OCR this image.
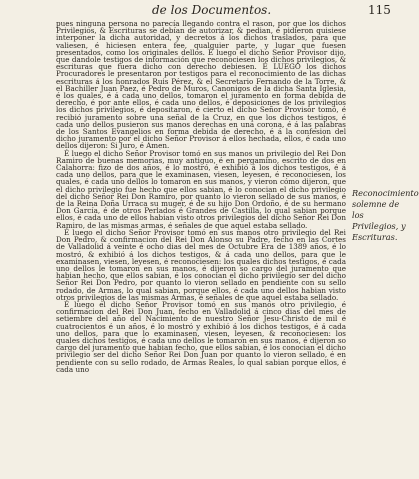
de los Documentos.	115

pues ninguna persona no parecía llegando contra el rason, por que los dichos Privilegios, & Escrituras se debían de autorizar, & pedian, é pidieron quisiese interponer la dicha autoridad, y decretos á los dichos traslados, para que valiesen, é hiciesen entera fee, qualquier parte, y lugar que fuesen presentados, como los originales dellos. É luego el dicho Señor Provisor dijo, que dandole testigos de información que reconociesen los dichos privilegios, & escrituras que fuera dicho con derecho debiesen. É LUEGO los dichos Procuradores le presentaron por testigos para el reconocimiento de las dichas escrituras á los honrados Ruis Pérez, & el Secretario Fernando de la Torre, & el Bachiller Juan Paez, é Pedro de Muros, Canonigos de la dicha Santa Iglesia, é los quales, é á cada uno dellos, tomaron el juramento en forma debida de derecho, é por ante ellos, é cada uno dellos, é deposiciones de los privilegios los dichos privilegios, é depositaron, é cierto el dicho Señor Provisor tomó, é recibió juramento sobre una señal de la Cruz, en que los dichos testigos, é cada uno dellos pusieron sus manos derechas en una corona, é á las palabras de los Santos Evangelios en forma debida de derecho, é á la confesion del dicho juramento por el dicho Señor Provisor á ellos hechada, ellos, é cada uno dellos dijeron: Si Juro, é Amen.

É luego el dicho Señor Provisor tomó en sus manos un privilegio del Rei Don Ramiro de buenas memorias, muy antiguo, é en pergamino, escrito de dos en Calahorra: fizo de dos años, é lo mostró, é exhibió á los dichos testigos, é á cada uno dellos, para que le examinasen, viesen, leyesen, é reconociesen, los quales, é cada uno dellos lo tomaron en sus manos, y vieron cómo dijeron, que el dicho privilegio fue hecho que ellos sabian, é lo conocian el dicho privilegio del dicho Señor Rei Don Ramiro, por quanto lo vieron sellado de sus manos, é de la Reina Doña Urraca su muger, é de su hijo Don Ordoño, é de su hermano Don García, é de otros Perlados é Grandes de Castilla, lo qual sabian porque ellos, é cada uno de ellos habian visto otros privilegios del dicho Señor Rei Don Ramiro, de las mismas armas, é señales de que aquel estaba sellado.

É luego el dicho Señor Provisor tomó en sus manos otro privilegio del Rei Don Pedro, & confirmacion del Rei Don Alonso su Padre, fecho en las Cortes de Valladolid á veinte é ocho dias del mes de Octubre Era de 1389 años, é lo mostró, & exhibió á los dichos testigos, & á cada uno dellos, para que le examinasen, viesen, leyesen, é reconociesen: los quales dichos testigos, é cada uno dellos le tomaron en sus manos, é dijeron so cargo del juramento que habian hecho, que ellos sabian, é los conocian el dicho privilegio ser del dicho Señor Rei Don Pedro, por quanto lo vieron sellado en pendiente con su sello rodado, de Armas, lo qual sabian, porque ellos, é cada uno dellos habian visto otros privilegios de las mismas Armas, é señales de que aquel estaba sellado.

É luego el dicho Señor Provisor tomó en sus manos otro privilegio, é confirmacion del Rei Don Juan, fecho en Valladolid á cinco dias del mes de setiembre del año del Nacimiento de nuestro Señor Jesu-Christo de mil é cuatrocientos é un años, é lo mostró y exhibió á los dichos testigos, é á cada uno dellos, para que lo examinasen, viesen, leyesen, & reconociesen: los quales dichos testigos, é cada uno dellos le tomaron en sus manos, é dijeron so cargo del juramento que habian fecho, que ellos sabian, é los conocian el dicho privilegio ser del dicho Señor Rei Don Juan por quanto lo vieron sellado, é en pendiente con su sello rodado, de Armas Reales, lo qual sabian porque ellos, é cada uno

Reconocimiento solemne de los Privilegios, y Escrituras.
